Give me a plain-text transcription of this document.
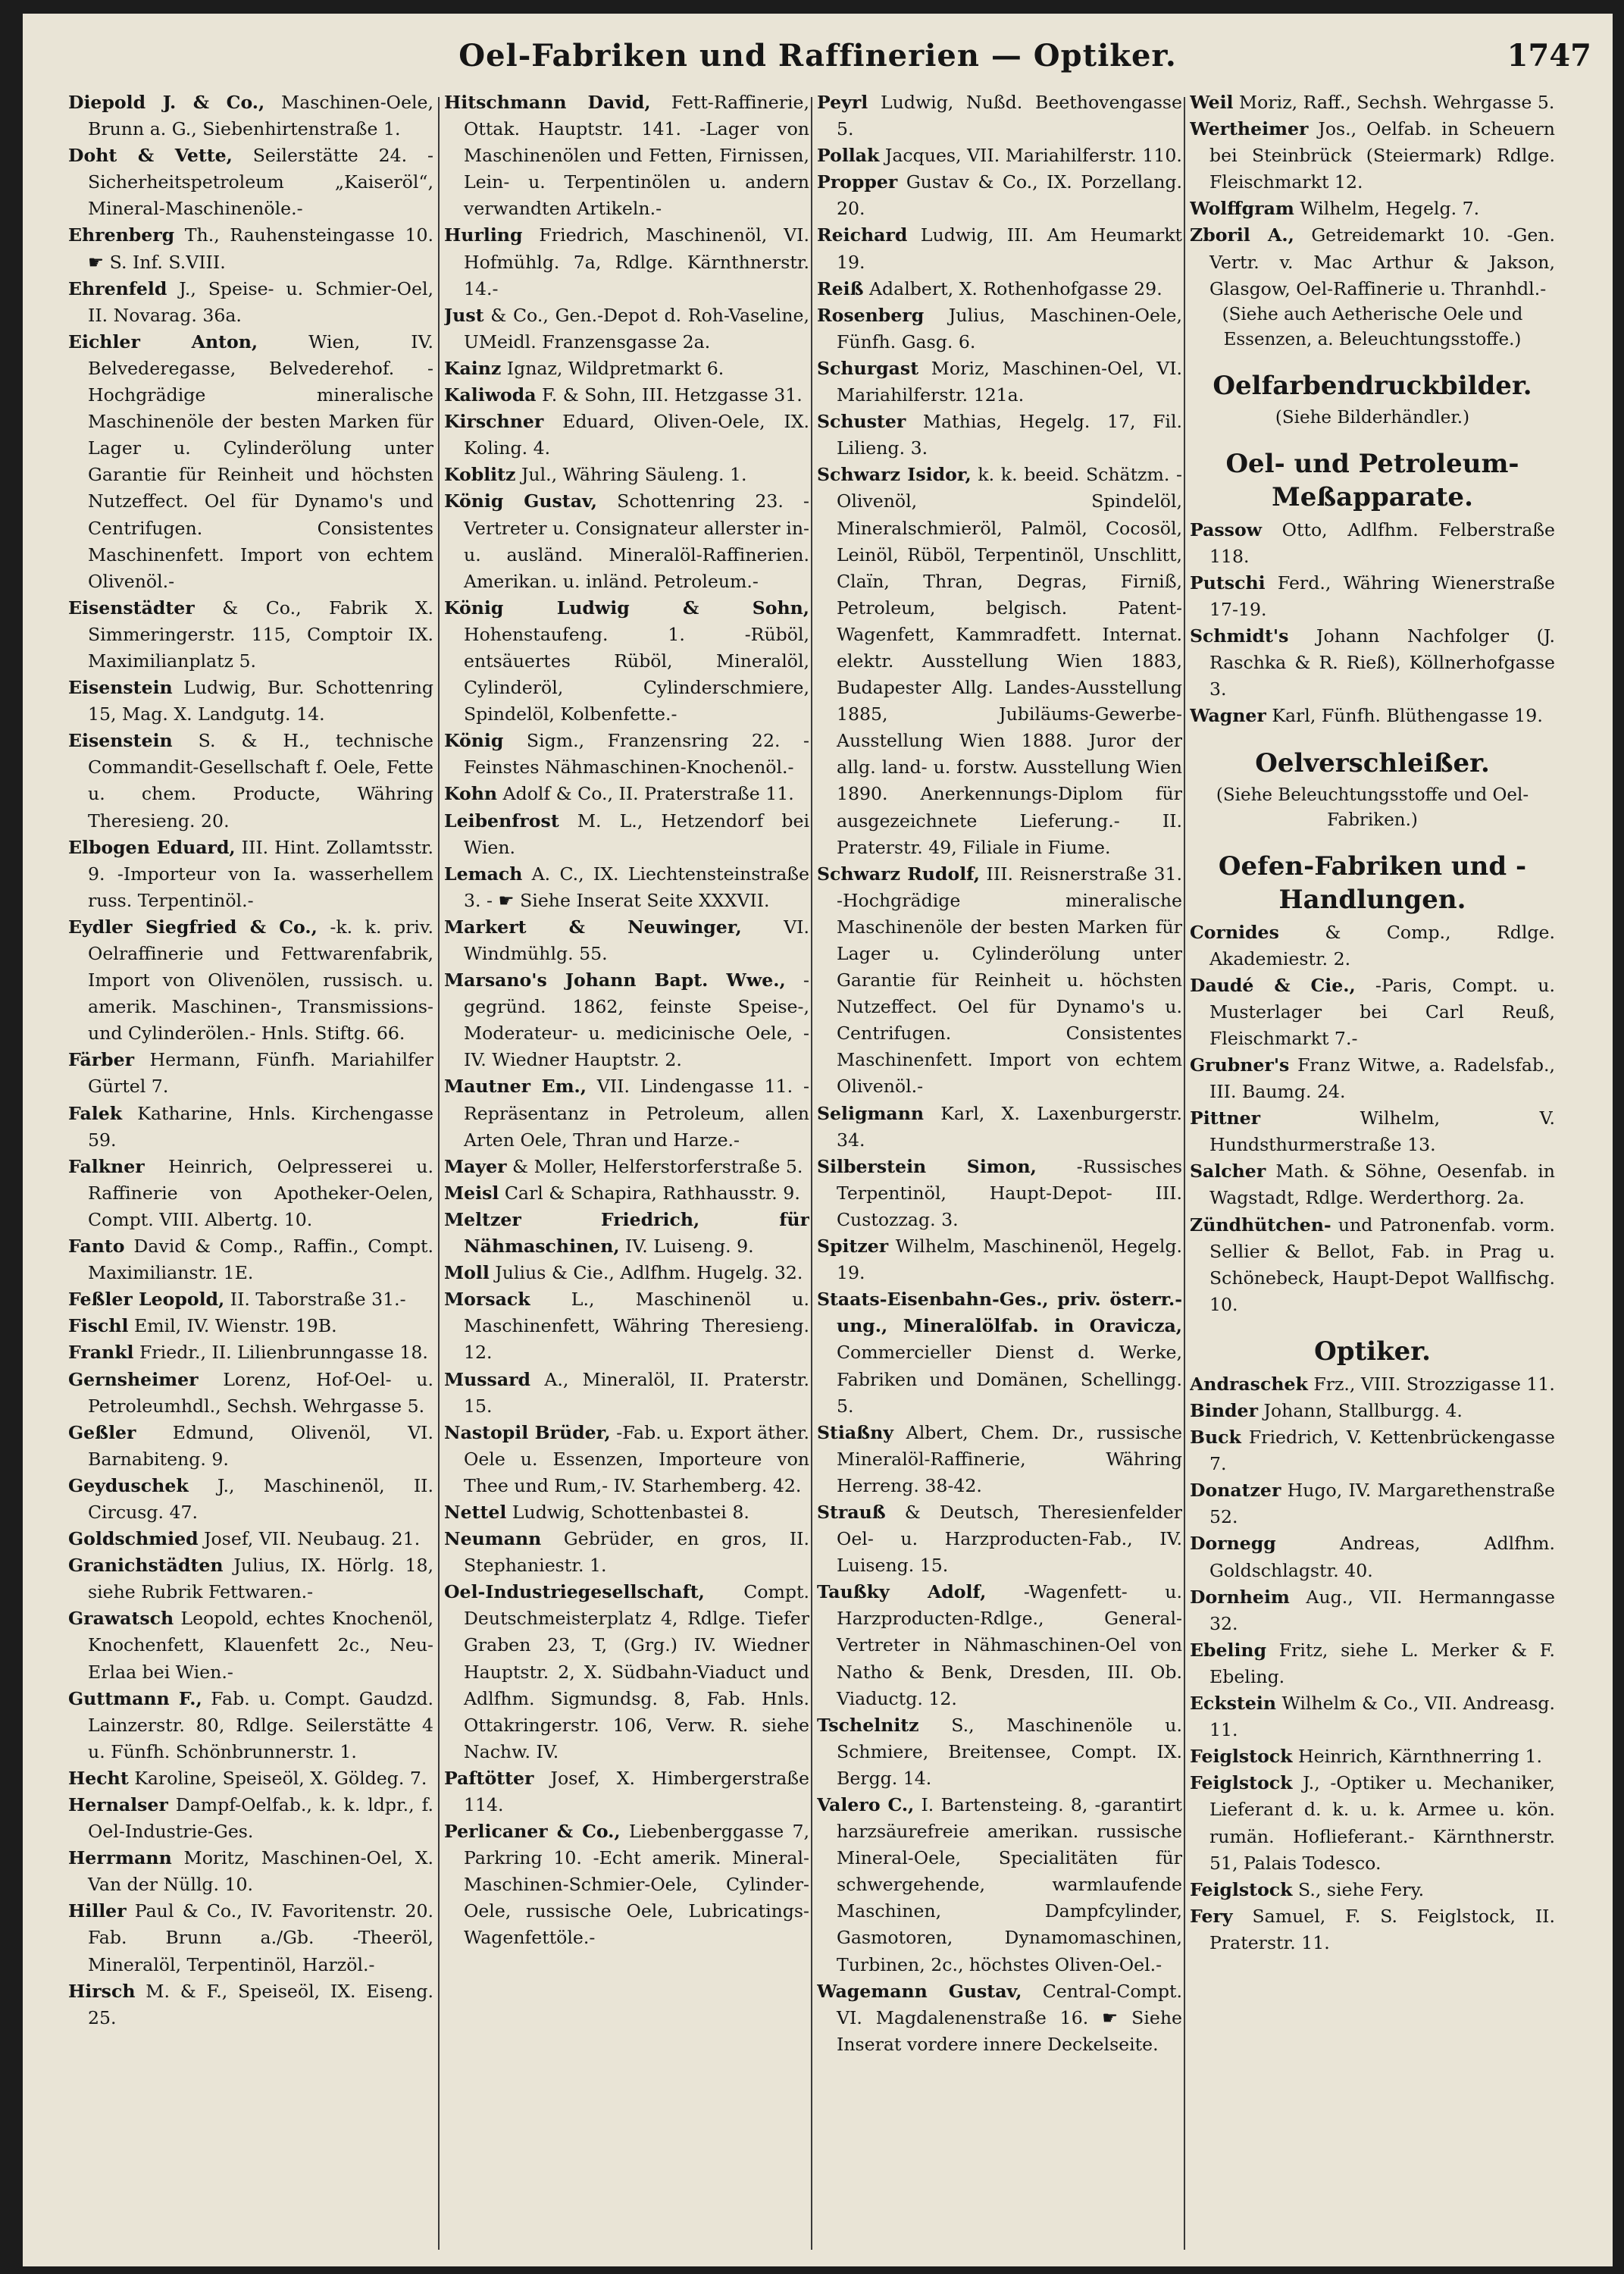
Oel-Fabriken und Raffinerien — Optiker.	1747

Diepold J. & Co., Maschinen-Oele, Brunn a. G., Siebenhirtenstraße 1.

Doht & Vette, Seilerstätte 24. -Sicherheitspetroleum „Kaiseröl“, Mineral-Maschinenöle.-

Ehrenberg Th., Rauhensteingasse 10. ☛ S. Inf. S.VIII.

Ehrenfeld J., Speise- u. Schmier-Oel, II. Novarag. 36a.

Eichler Anton, Wien, IV. Belvederegasse, Belvederehof. -Hochgrädige mineralische Maschinenöle der besten Marken für Lager u. Cylinderölung unter Garantie für Reinheit und höchsten Nutzeffect. Oel für Dynamo's und Centrifugen. Consistentes Maschinenfett. Import von echtem Olivenöl.-

Eisenstädter & Co., Fabrik X. Simmeringerstr. 115, Comptoir IX. Maximilianplatz 5.

Eisenstein Ludwig, Bur. Schottenring 15, Mag. X. Landgutg. 14.

Eisenstein S. & H., technische Commandit-Gesellschaft f. Oele, Fette u. chem. Producte, Währing Theresieng. 20.

Elbogen Eduard, III. Hint. Zollamtsstr. 9. -Importeur von Ia. wasserhellem russ. Terpentinöl.-

Eydler Siegfried & Co., -k. k. priv. Oelraffinerie und Fettwarenfabrik, Import von Olivenölen, russisch. u. amerik. Maschinen-, Transmissions- und Cylinderölen.- Hnls. Stiftg. 66.

Färber Hermann, Fünfh. Mariahilfer Gürtel 7.

Falek Katharine, Hnls. Kirchengasse 59.

Falkner Heinrich, Oelpresserei u. Raffinerie von Apotheker-Oelen, Compt. VIII. Albertg. 10.

Fanto David & Comp., Raffin., Compt. Maximilianstr. 1E.

Feßler Leopold, II. Taborstraße 31.-

Fischl Emil, IV. Wienstr. 19B.

Frankl Friedr., II. Lilienbrunngasse 18.

Gernsheimer Lorenz, Hof-Oel- u. Petroleumhdl., Sechsh. Wehrgasse 5.

Geßler Edmund, Olivenöl, VI. Barnabiteng. 9.

Geyduschek J., Maschinenöl, II. Circusg. 47.

Goldschmied Josef, VII. Neubaug. 21.

Granichstädten Julius, IX. Hörlg. 18, siehe Rubrik Fettwaren.-

Grawatsch Leopold, echtes Knochenöl, Knochenfett, Klauenfett 2c., Neu-Erlaa bei Wien.-

Guttmann F., Fab. u. Compt. Gaudzd. Lainzerstr. 80, Rdlge. Seilerstätte 4 u. Fünfh. Schönbrunnerstr. 1.

Hecht Karoline, Speiseöl, X. Göldeg. 7.

Hernalser Dampf-Oelfab., k. k. ldpr., f. Oel-Industrie-Ges.

Herrmann Moritz, Maschinen-Oel, X. Van der Nüllg. 10.

Hiller Paul & Co., IV. Favoritenstr. 20. Fab. Brunn a./Gb. -Theeröl, Mineralöl, Terpentinöl, Harzöl.-

Hirsch M. & F., Speiseöl, IX. Eiseng. 25.

Hitschmann David, Fett-Raffinerie, Ottak. Hauptstr. 141. -Lager von Maschinenölen und Fetten, Firnissen, Lein- u. Terpentinölen u. andern verwandten Artikeln.-

Hurling Friedrich, Maschinenöl, VI. Hofmühlg. 7a, Rdlge. Kärnthnerstr. 14.-

Just & Co., Gen.-Depot d. Roh-Vaseline, UMeidl. Franzensgasse 2a.

Kainz Ignaz, Wildpretmarkt 6.

Kaliwoda F. & Sohn, III. Hetzgasse 31.

Kirschner Eduard, Oliven-Oele, IX. Koling. 4.

Koblitz Jul., Währing Säuleng. 1.

König Gustav, Schottenring 23. -Vertreter u. Consignateur allerster in- u. ausländ. Mineralöl-Raffinerien. Amerikan. u. inländ. Petroleum.-

König Ludwig & Sohn, Hohenstaufeng. 1. -Rüböl, entsäuertes Rüböl, Mineralöl, Cylinderöl, Cylinderschmiere, Spindelöl, Kolbenfette.-

König Sigm., Franzensring 22. -Feinstes Nähmaschinen-Knochenöl.-

Kohn Adolf & Co., II. Praterstraße 11.

Leibenfrost M. L., Hetzendorf bei Wien.

Lemach A. C., IX. Liechtensteinstraße 3. - ☛ Siehe Inserat Seite XXXVII.

Markert & Neuwinger, VI. Windmühlg. 55.

Marsano's Johann Bapt. Wwe., -gegründ. 1862, feinste Speise-, Moderateur- u. medicinische Oele, - IV. Wiedner Hauptstr. 2.

Mautner Em., VII. Lindengasse 11. -Repräsentanz in Petroleum, allen Arten Oele, Thran und Harze.-

Mayer & Moller, Helferstorferstraße 5.

Meisl Carl & Schapira, Rathhausstr. 9.

Meltzer Friedrich, für Nähmaschinen, IV. Luiseng. 9.

Moll Julius & Cie., Adlfhm. Hugelg. 32.

Morsack L., Maschinenöl u. Maschinenfett, Währing Theresieng. 12.

Mussard A., Mineralöl, II. Praterstr. 15.

Nastopil Brüder, -Fab. u. Export äther. Oele u. Essenzen, Importeure von Thee und Rum,- IV. Starhemberg. 42.

Nettel Ludwig, Schottenbastei 8.

Neumann Gebrüder, en gros, II. Stephaniestr. 1.

Oel-Industriegesellschaft, Compt. Deutschmeisterplatz 4, Rdlge. Tiefer Graben 23, T, (Grg.) IV. Wiedner Hauptstr. 2, X. Südbahn-Viaduct und Adlfhm. Sigmundsg. 8, Fab. Hnls. Ottakringerstr. 106, Verw. R. siehe Nachw. IV.

Paftötter Josef, X. Himbergerstraße 114.

Perlicaner & Co., Liebenberggasse 7, Parkring 10. -Echt amerik. Mineral-Maschinen-Schmier-Oele, Cylinder-Oele, russische Oele, Lubricatings-Wagenfettöle.-

Peyrl Ludwig, Nußd. Beethovengasse 5.

Pollak Jacques, VII. Mariahilferstr. 110.

Propper Gustav & Co., IX. Porzellang. 20.

Reichard Ludwig, III. Am Heumarkt 19.

Reiß Adalbert, X. Rothenhofgasse 29.

Rosenberg Julius, Maschinen-Oele, Fünfh. Gasg. 6.

Schurgast Moriz, Maschinen-Oel, VI. Mariahilferstr. 121a.

Schuster Mathias, Hegelg. 17, Fil. Lilieng. 3.

Schwarz Isidor, k. k. beeid. Schätzm. -Olivenöl, Spindelöl, Mineralschmieröl, Palmöl, Cocosöl, Leinöl, Rüböl, Terpentinöl, Unschlitt, Claïn, Thran, Degras, Firniß, Petroleum, belgisch. Patent-Wagenfett, Kammradfett. Internat. elektr. Ausstellung Wien 1883, Budapester Allg. Landes-Ausstellung 1885, Jubiläums-Gewerbe-Ausstellung Wien 1888. Juror der allg. land- u. forstw. Ausstellung Wien 1890. Anerkennungs-Diplom für ausgezeichnete Lieferung.- II. Praterstr. 49, Filiale in Fiume.

Schwarz Rudolf, III. Reisnerstraße 31. -Hochgrädige mineralische Maschinenöle der besten Marken für Lager u. Cylinderölung unter Garantie für Reinheit u. höchsten Nutzeffect. Oel für Dynamo's u. Centrifugen. Consistentes Maschinenfett. Import von echtem Olivenöl.-

Seligmann Karl, X. Laxenburgerstr. 34.

Silberstein Simon, -Russisches Terpentinöl, Haupt-Depot- III. Custozzag. 3.

Spitzer Wilhelm, Maschinenöl, Hegelg. 19.

Staats-Eisenbahn-Ges., priv. österr.-ung., Mineralölfab. in Oravicza, Commercieller Dienst d. Werke, Fabriken und Domänen, Schellingg. 5.

Stiaßny Albert, Chem. Dr., russische Mineralöl-Raffinerie, Währing Herreng. 38-42.

Strauß & Deutsch, Theresienfelder Oel- u. Harzproducten-Fab., IV. Luiseng. 15.

Taußky Adolf, -Wagenfett- u. Harzproducten-Rdlge., General-Vertreter in Nähmaschinen-Oel von Natho & Benk, Dresden, III. Ob. Viaductg. 12.

Tschelnitz S., Maschinenöle u. Schmiere, Breitensee, Compt. IX. Bergg. 14.

Valero C., I. Bartensteing. 8, -garantirt harzsäurefreie amerikan. russische Mineral-Oele, Specialitäten für schwergehende, warmlaufende Maschinen, Dampfcylinder, Gasmotoren, Dynamomaschinen, Turbinen, 2c., höchstes Oliven-Oel.-

Wagemann Gustav, Central-Compt. VI. Magdalenenstraße 16. ☛ Siehe Inserat vordere innere Deckelseite.

Weil Moriz, Raff., Sechsh. Wehrgasse 5.

Wertheimer Jos., Oelfab. in Scheuern bei Steinbrück (Steiermark) Rdlge. Fleischmarkt 12.

Wolffgram Wilhelm, Hegelg. 7.

Zboril A., Getreidemarkt 10. -Gen. Vertr. v. Mac Arthur & Jakson, Glasgow, Oel-Raffinerie u. Thranhdl.-

(Siehe auch Aetherische Oele und Essenzen, a. Beleuchtungsstoffe.)
Oelfarbendruckbilder.
(Siehe Bilderhändler.)
Oel- und Petroleum-Meßapparate.

Passow Otto, Adlfhm. Felberstraße 118.

Putschi Ferd., Währing Wienerstraße 17-19.

Schmidt's Johann Nachfolger (J. Raschka & R. Rieß), Köllnerhofgasse 3.

Wagner Karl, Fünfh. Blüthengasse 19.

Oelverschleißer.
(Siehe Beleuchtungsstoffe und Oel-Fabriken.)
Oefen-Fabriken und -Handlungen.

Cornides & Comp., Rdlge. Akademiestr. 2.

Daudé & Cie., -Paris, Compt. u. Musterlager bei Carl Reuß, Fleischmarkt 7.-

Grubner's Franz Witwe, a. Radelsfab., III. Baumg. 24.

Pittner Wilhelm, V. Hundsthurmerstraße 13.

Salcher Math. & Söhne, Oesenfab. in Wagstadt, Rdlge. Werderthorg. 2a.

Zündhütchen- und Patronenfab. vorm. Sellier & Bellot, Fab. in Prag u. Schönebeck, Haupt-Depot Wallfischg. 10.

Optiker.

Andraschek Frz., VIII. Strozzigasse 11.

Binder Johann, Stallburgg. 4.

Buck Friedrich, V. Kettenbrückengasse 7.

Donatzer Hugo, IV. Margarethenstraße 52.

Dornegg Andreas, Adlfhm. Goldschlagstr. 40.

Dornheim Aug., VII. Hermanngasse 32.

Ebeling Fritz, siehe L. Merker & F. Ebeling.

Eckstein Wilhelm & Co., VII. Andreasg. 11.

Feiglstock Heinrich, Kärnthnerring 1.

Feiglstock J., -Optiker u. Mechaniker, Lieferant d. k. u. k. Armee u. kön. rumän. Hoflieferant.- Kärnthnerstr. 51, Palais Todesco.

Feiglstock S., siehe Fery.

Fery Samuel, F. S. Feiglstock, II. Praterstr. 11.
